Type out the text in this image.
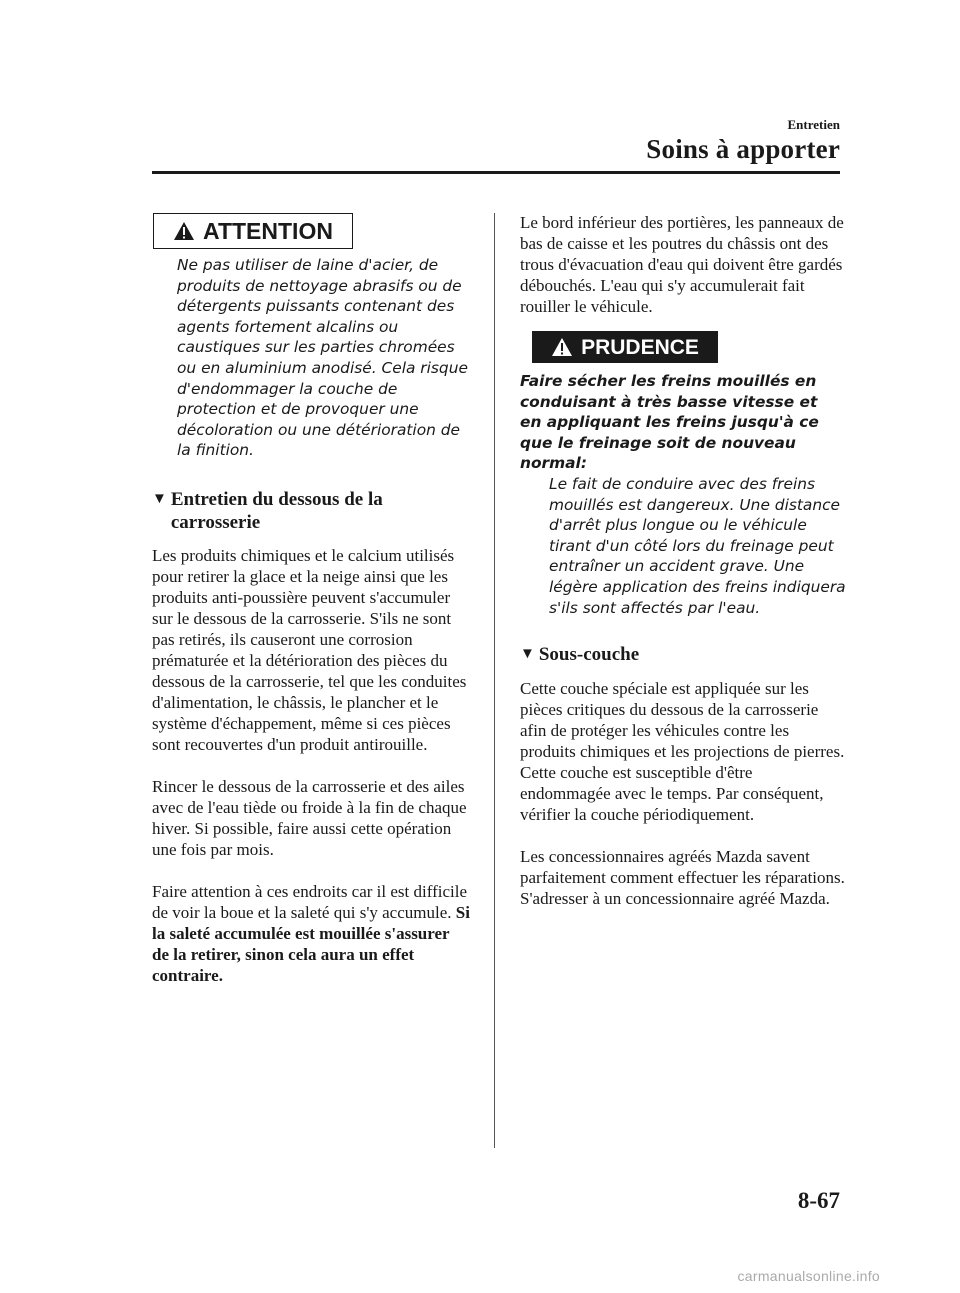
Entretien
Soins à apporter
ATTENTION

Ne pas utiliser de laine d'acier, de produits de nettoyage abrasifs ou de détergents puissants contenant des agents fortement alcalins ou caustiques sur les parties chromées ou en aluminium anodisé. Cela risque d'endommager la couche de protection et de provoquer une décoloration ou une détérioration de la finition.

▼ Entretien du dessous de la carrosserie

Les produits chimiques et le calcium utilisés pour retirer la glace et la neige ainsi que les produits anti-poussière peuvent s'accumuler sur le dessous de la carrosserie. S'ils ne sont pas retirés, ils causeront une corrosion prématurée et la détérioration des pièces du dessous de la carrosserie, tel que les conduites d'alimentation, le châssis, le plancher et le système d'échappement, même si ces pièces sont recouvertes d'un produit antirouille.

Rincer le dessous de la carrosserie et des ailes avec de l'eau tiède ou froide à la fin de chaque hiver. Si possible, faire aussi cette opération une fois par mois.

Faire attention à ces endroits car il est difficile de voir la boue et la saleté qui s'y accumule. Si la saleté accumulée est mouillée s'assurer de la retirer, sinon cela aura un effet contraire.

Le bord inférieur des portières, les panneaux de bas de caisse et les poutres du châssis ont des trous d'évacuation d'eau qui doivent être gardés débouchés. L'eau qui s'y accumulerait fait rouiller le véhicule.

PRUDENCE

Faire sécher les freins mouillés en conduisant à très basse vitesse et en appliquant les freins jusqu'à ce que le freinage soit de nouveau normal:

Le fait de conduire avec des freins mouillés est dangereux. Une distance d'arrêt plus longue ou le véhicule tirant d'un côté lors du freinage peut entraîner un accident grave. Une légère application des freins indiquera s'ils sont affectés par l'eau.

▼ Sous-couche

Cette couche spéciale est appliquée sur les pièces critiques du dessous de la carrosserie afin de protéger les véhicules contre les produits chimiques et les projections de pierres. Cette couche est susceptible d'être endommagée avec le temps. Par conséquent, vérifier la couche périodiquement.

Les concessionnaires agréés Mazda savent parfaitement comment effectuer les réparations. S'adresser à un concessionnaire agréé Mazda.

8-67
carmanualsonline.info
